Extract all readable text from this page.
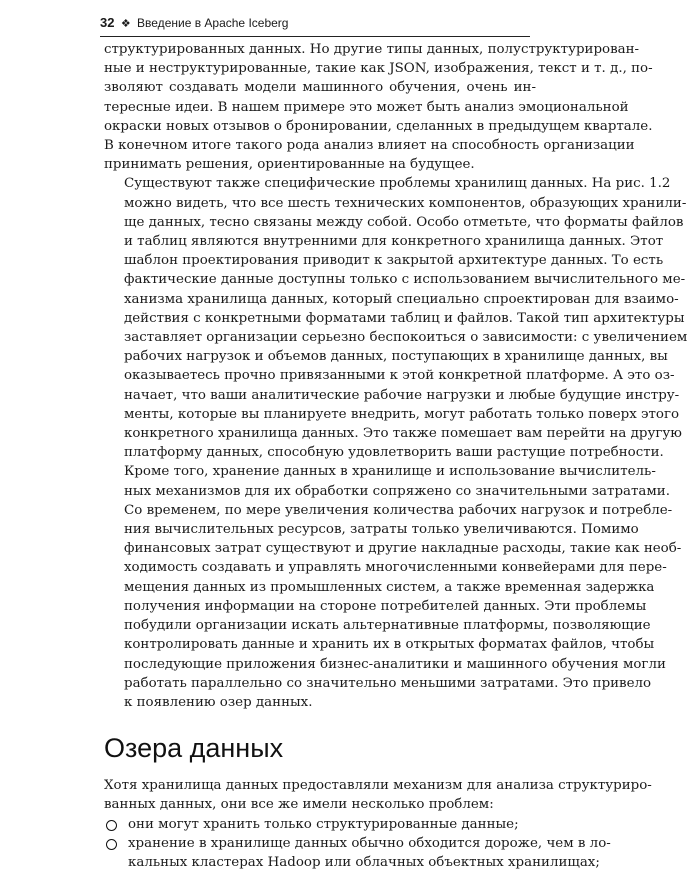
32 ❖ Введение в Apache Iceberg

структурированных данных. Но другие типы данных, полуструктурирован-
ные и неструктурированные, такие как JSON, изображения, текст и т. д., по-
зволяют создавать модели машинного обучения, очень ин-
тересные идеи. В нашем примере это может быть анализ эмоциональной
окраски новых отзывов о бронировании, сделанных в предыдущем квартале.
В конечном итоге такого рода анализ влияет на способность организации
принимать решения, ориентированные на будущее.

Существуют также специфические проблемы хранилищ данных. На рис. 1.2
можно видеть, что все шесть технических компонентов, образующих хранили-
ще данных, тесно связаны между собой. Особо отметьте, что форматы файлов
и таблиц являются внутренними для конкретного хранилища данных. Этот
шаблон проектирования приводит к закрытой архитектуре данных. То есть
фактические данные доступны только с использованием вычислительного ме-
ханизма хранилища данных, который специально спроектирован для взаимо-
действия с конкретными форматами таблиц и файлов. Такой тип архитектуры
заставляет организации серьезно беспокоиться о зависимости: с увеличением
рабочих нагрузок и объемов данных, поступающих в хранилище данных, вы
оказываетесь прочно привязанными к этой конкретной платформе. А это оз-
начает, что ваши аналитические рабочие нагрузки и любые будущие инстру-
менты, которые вы планируете внедрить, могут работать только поверх этого
конкретного хранилища данных. Это также помешает вам перейти на другую
платформу данных, способную удовлетворить ваши растущие потребности.

Кроме того, хранение данных в хранилище и использование вычислитель-
ных механизмов для их обработки сопряжено со значительными затратами.
Со временем, по мере увеличения количества рабочих нагрузок и потребле-
ния вычислительных ресурсов, затраты только увеличиваются. Помимо
финансовых затрат существуют и другие накладные расходы, такие как необ-
ходимость создавать и управлять многочисленными конвейерами для пере-
мещения данных из промышленных систем, а также временная задержка
получения информации на стороне потребителей данных. Эти проблемы
побудили организации искать альтернативные платформы, позволяющие
контролировать данные и хранить их в открытых форматах файлов, чтобы
последующие приложения бизнес-аналитики и машинного обучения могли
работать параллельно со значительно меньшими затратами. Это привело
к появлению озер данных.

Озера данных

Хотя хранилища данных предоставляли механизм для анализа структуриро-
ванных данных, они все же имели несколько проблем:

они могут хранить только структурированные данные;
хранение в хранилище данных обычно обходится дороже, чем в ло-
кальных кластерах Hadoop или облачных объектных хранилищах;
